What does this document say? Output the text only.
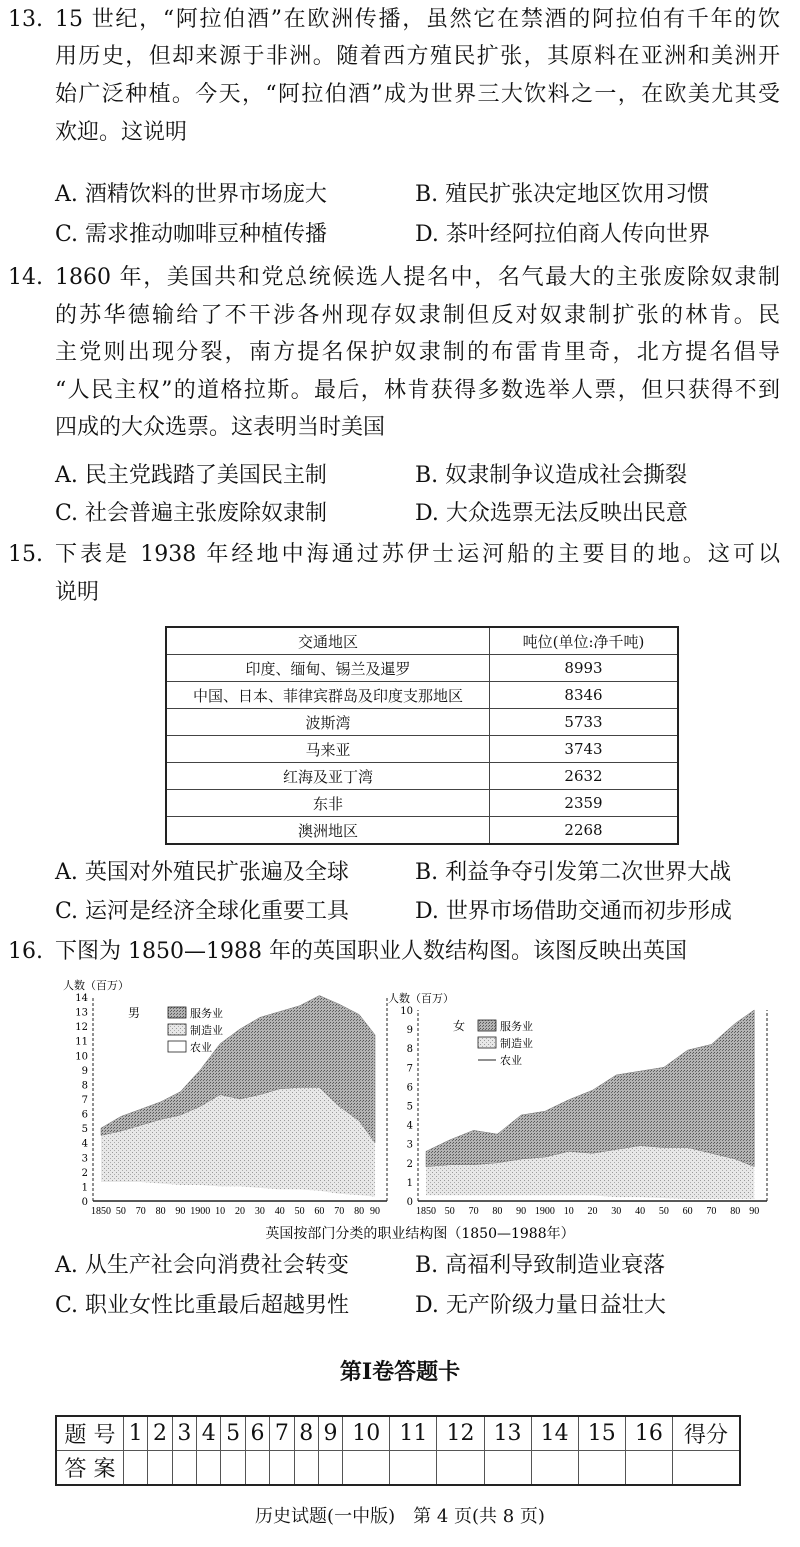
13. 15 世纪，“阿拉伯酒”在欧洲传播，虽然它在禁酒的阿拉伯有千年的饮
用历史，但却来源于非洲。随着西方殖民扩张，其原料在亚洲和美洲开
始广泛种植。今天，“阿拉伯酒”成为世界三大饮料之一，在欧美尤其受
欢迎。这说明
A. 酒精饮料的世界市场庞大	B. 殖民扩张决定地区饮用习惯
C. 需求推动咖啡豆种植传播	D. 茶叶经阿拉伯商人传向世界
14. 1860 年，美国共和党总统候选人提名中，名气最大的主张废除奴隶制
的苏华德输给了不干涉各州现存奴隶制但反对奴隶制扩张的林肯。民
主党则出现分裂，南方提名保护奴隶制的布雷肯里奇，北方提名倡导
“人民主权”的道格拉斯。最后，林肯获得多数选举人票，但只获得不到
四成的大众选票。这表明当时美国
A. 民主党践踏了美国民主制	B. 奴隶制争议造成社会撕裂
C. 社会普遍主张废除奴隶制	D. 大众选票无法反映出民意
15. 下表是 1938 年经地中海通过苏伊士运河船的主要目的地。这可以
说明
交通地区	吨位(单位:净千吨)
印度、缅甸、锡兰及暹罗	8993
中国、日本、菲律宾群岛及印度支那地区	8346
波斯湾	5733
马来亚	3743
红海及亚丁湾	2632
东非	2359
澳洲地区	2268
A. 英国对外殖民扩张遍及全球	B. 利益争夺引发第二次世界大战
C. 运河是经济全球化重要工具	D. 世界市场借助交通而初步形成
16. 下图为 1850—1988 年的英国职业人数结构图。该图反映出英国
0
1
2
3
4
5
6
7
8
9
10
11
12
13
14
1850 50 70 80 90 1900 10 20 30 40 50 60 70 80 90
人数（百万）
男	服务业
制造业
农业
0
1
2
3
4
5
6
7
8
9
10
1850 50 70 80 90 1900 10 20 30 40 50 60 70 80 90
人数（百万）
女	服务业
制造业
农业
英国按部门分类的职业结构图（1850—1988年）
A. 从生产社会向消费社会转变	B. 高福利导致制造业衰落
C. 职业女性比重最后超越男性	D. 无产阶级力量日益壮大
第Ⅰ卷答题卡
题 号	1	2	3	4	5	6	7	8	9	10	11	12	13	14	15	16	得分
答 案																	
历史试题(一中版)　第 4 页(共 8 页)
